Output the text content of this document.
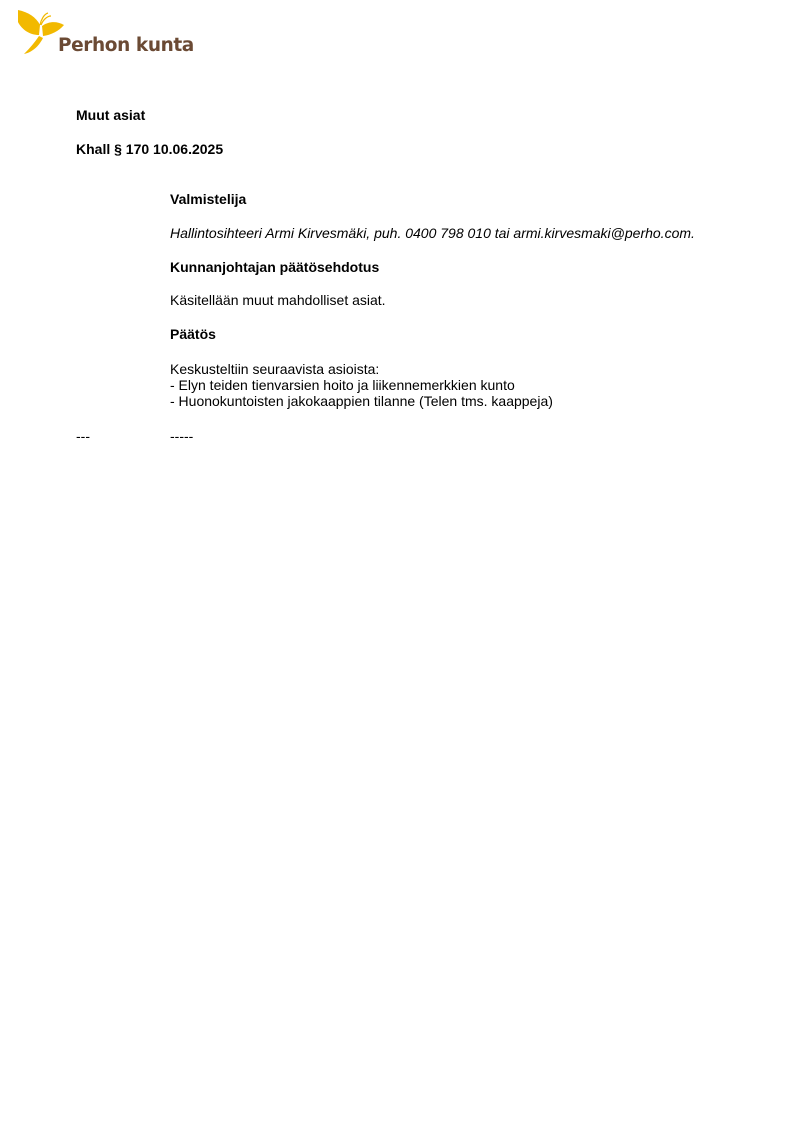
Perhon kunta
Muut asiat
Khall § 170 10.06.2025
Valmistelija
Hallintosihteeri Armi Kirvesmäki, puh. 0400 798 010 tai armi.kirvesmaki@perho.com.
Kunnanjohtajan päätösehdotus
Käsitellään muut mahdolliset asiat.
Päätös
Keskusteltiin seuraavista asioista:
- Elyn teiden tienvarsien hoito ja liikennemerkkien kunto
- Huonokuntoisten jakokaappien tilanne (Telen tms. kaappeja)
---	-----
